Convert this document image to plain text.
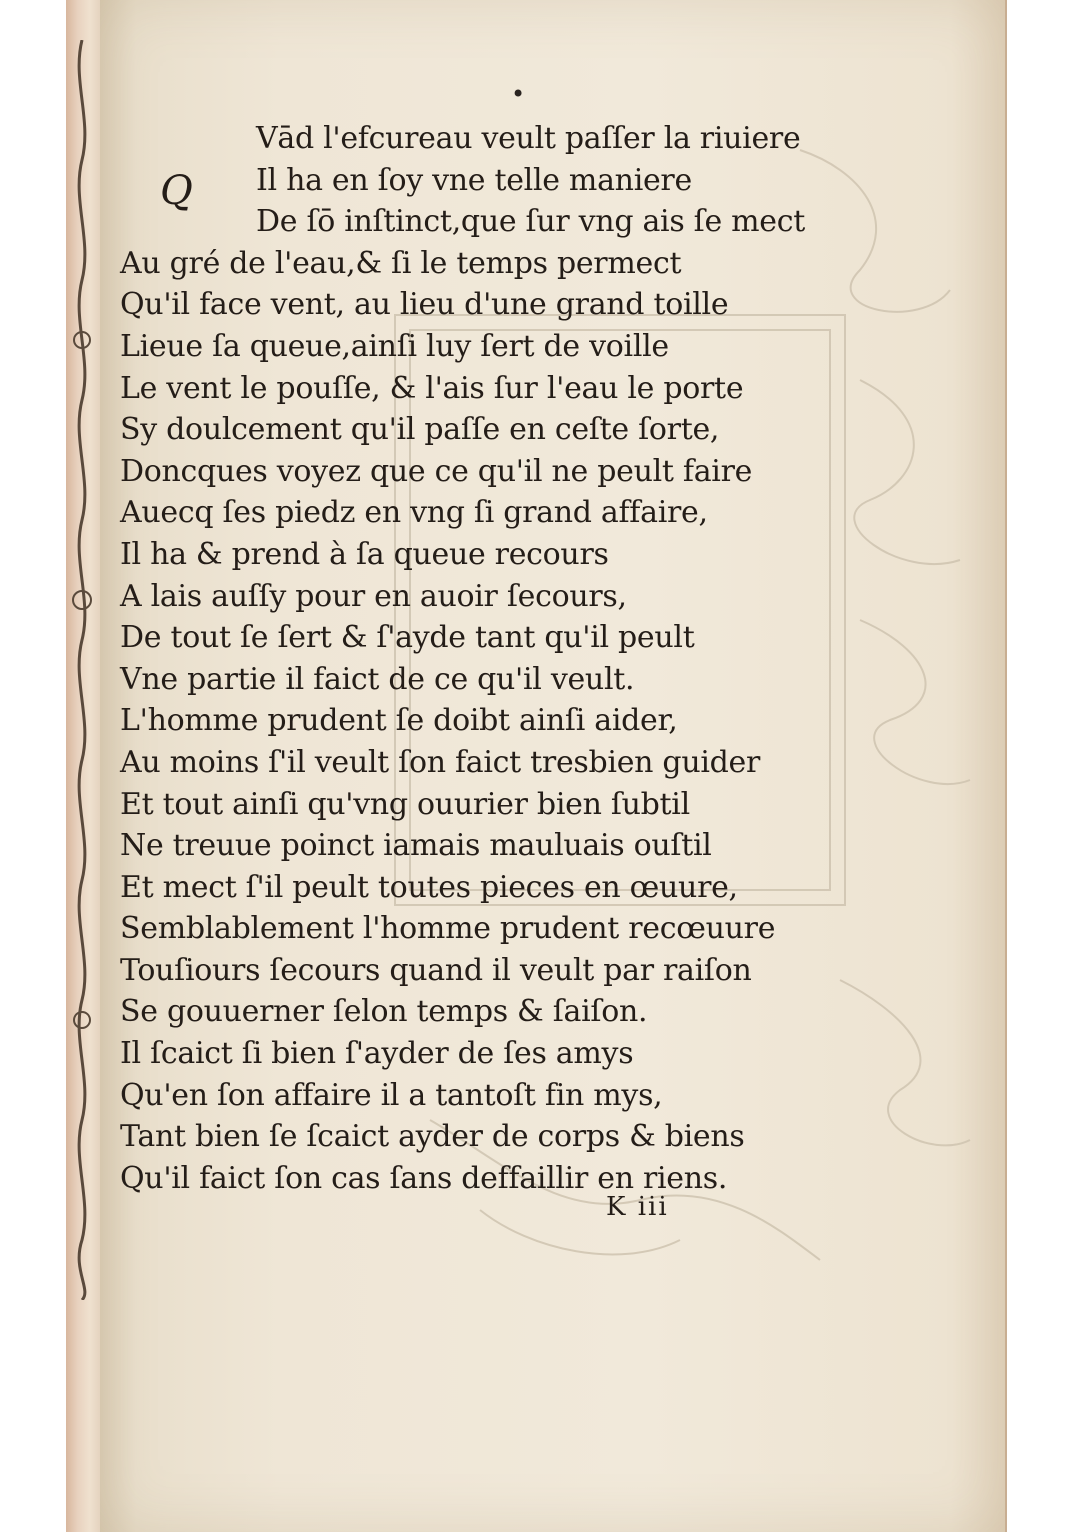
•

Q

Vād l'efcureau veult paſſer la riuiere
Il ha en ſoy vne telle maniere
De ſō inſtinct,que ſur vng ais ſe mect
Au gré de l'eau,& ſi le temps permect
Qu'il face vent, au lieu d'une grand toille
Lieue ſa queue,ainſi luy ſert de voille
Le vent le pouſſe, & l'ais ſur l'eau le porte
Sy doulcement qu'il paſſe en ceſte ſorte,
Doncques voyez que ce qu'il ne peult faire
Auecq ſes piedz en vng ſi grand affaire,
Il ha & prend à ſa queue recours
A lais auſſy pour en auoir ſecours,
De tout ſe ſert & ſ'ayde tant qu'il peult
Vne partie il faict de ce qu'il veult.
L'homme prudent ſe doibt ainſi aider,
Au moins ſ'il veult ſon faict tresbien guider
Et tout ainſi qu'vng ouurier bien ſubtil
Ne treuue poinct iamais mauluais ouſtil
Et mect ſ'il peult toutes pieces en œuure,
Semblablement l'homme prudent recœuure
Touſiours ſecours quand il veult par raiſon
Se gouuerner ſelon temps & ſaiſon.
Il ſcaict ſi bien ſ'ayder de ſes amys
Qu'en ſon affaire il a tantoſt fin mys,
Tant bien ſe ſcaict ayder de corps & biens
Qu'il faict ſon cas ſans deffaillir en riens.

K iii
